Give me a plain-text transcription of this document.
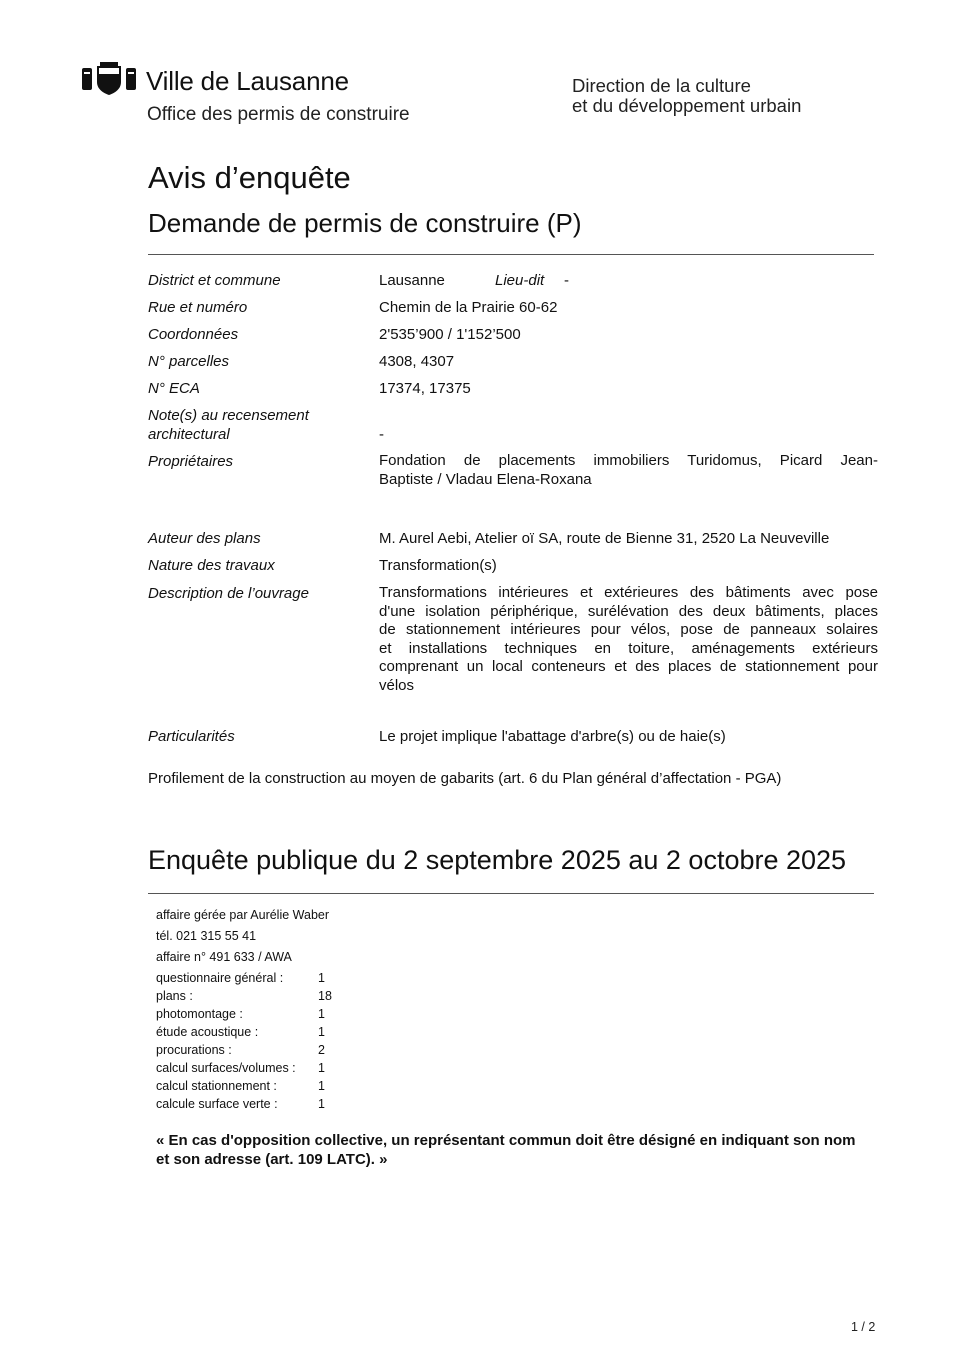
Ville de Lausanne
Office des permis de construire
Direction de la culture
et du développement urbain
Avis d’enquête
Demande de permis de construire (P)
District et commune	Lausanne	Lieu-dit -
Rue et numéro	Chemin de la Prairie 60-62
Coordonnées	2'535’900 / 1'152’500
N° parcelles	4308, 4307
N° ECA	17374, 17375
Note(s) au recensement
architectural	-
Propriétaires	Fondation de placements immobiliers Turidomus, Picard Jean-
Baptiste / Vladau Elena-Roxana
Auteur des plans	M. Aurel Aebi, Atelier oï SA, route de Bienne 31, 2520 La Neuveville
Nature des travaux	Transformation(s)
Description de l’ouvrage	Transformations intérieures et extérieures des bâtiments avec pose
d'une isolation périphérique, surélévation des deux bâtiments, places
de stationnement intérieures pour vélos, pose de panneaux solaires
et installations techniques en toiture, aménagements extérieurs
comprenant un local conteneurs et des places de stationnement pour
vélos
Particularités	Le projet implique l'abattage d'arbre(s) ou de haie(s)
Profilement de la construction au moyen de gabarits (art. 6 du Plan général d’affectation - PGA)
Enquête publique du 2 septembre 2025 au 2 octobre 2025
affaire gérée par Aurélie Waber
tél. 021 315 55 41
affaire n° 491 633 / AWA
questionnaire général :	1
plans :	18
photomontage :	1
étude acoustique :	1
procurations :	2
calcul surfaces/volumes : 1
calcul stationnement :	1
calcule surface verte :	1
« En cas d'opposition collective, un représentant commun doit être désigné en indiquant son nom et son adresse (art. 109 LATC). »
1 / 2
